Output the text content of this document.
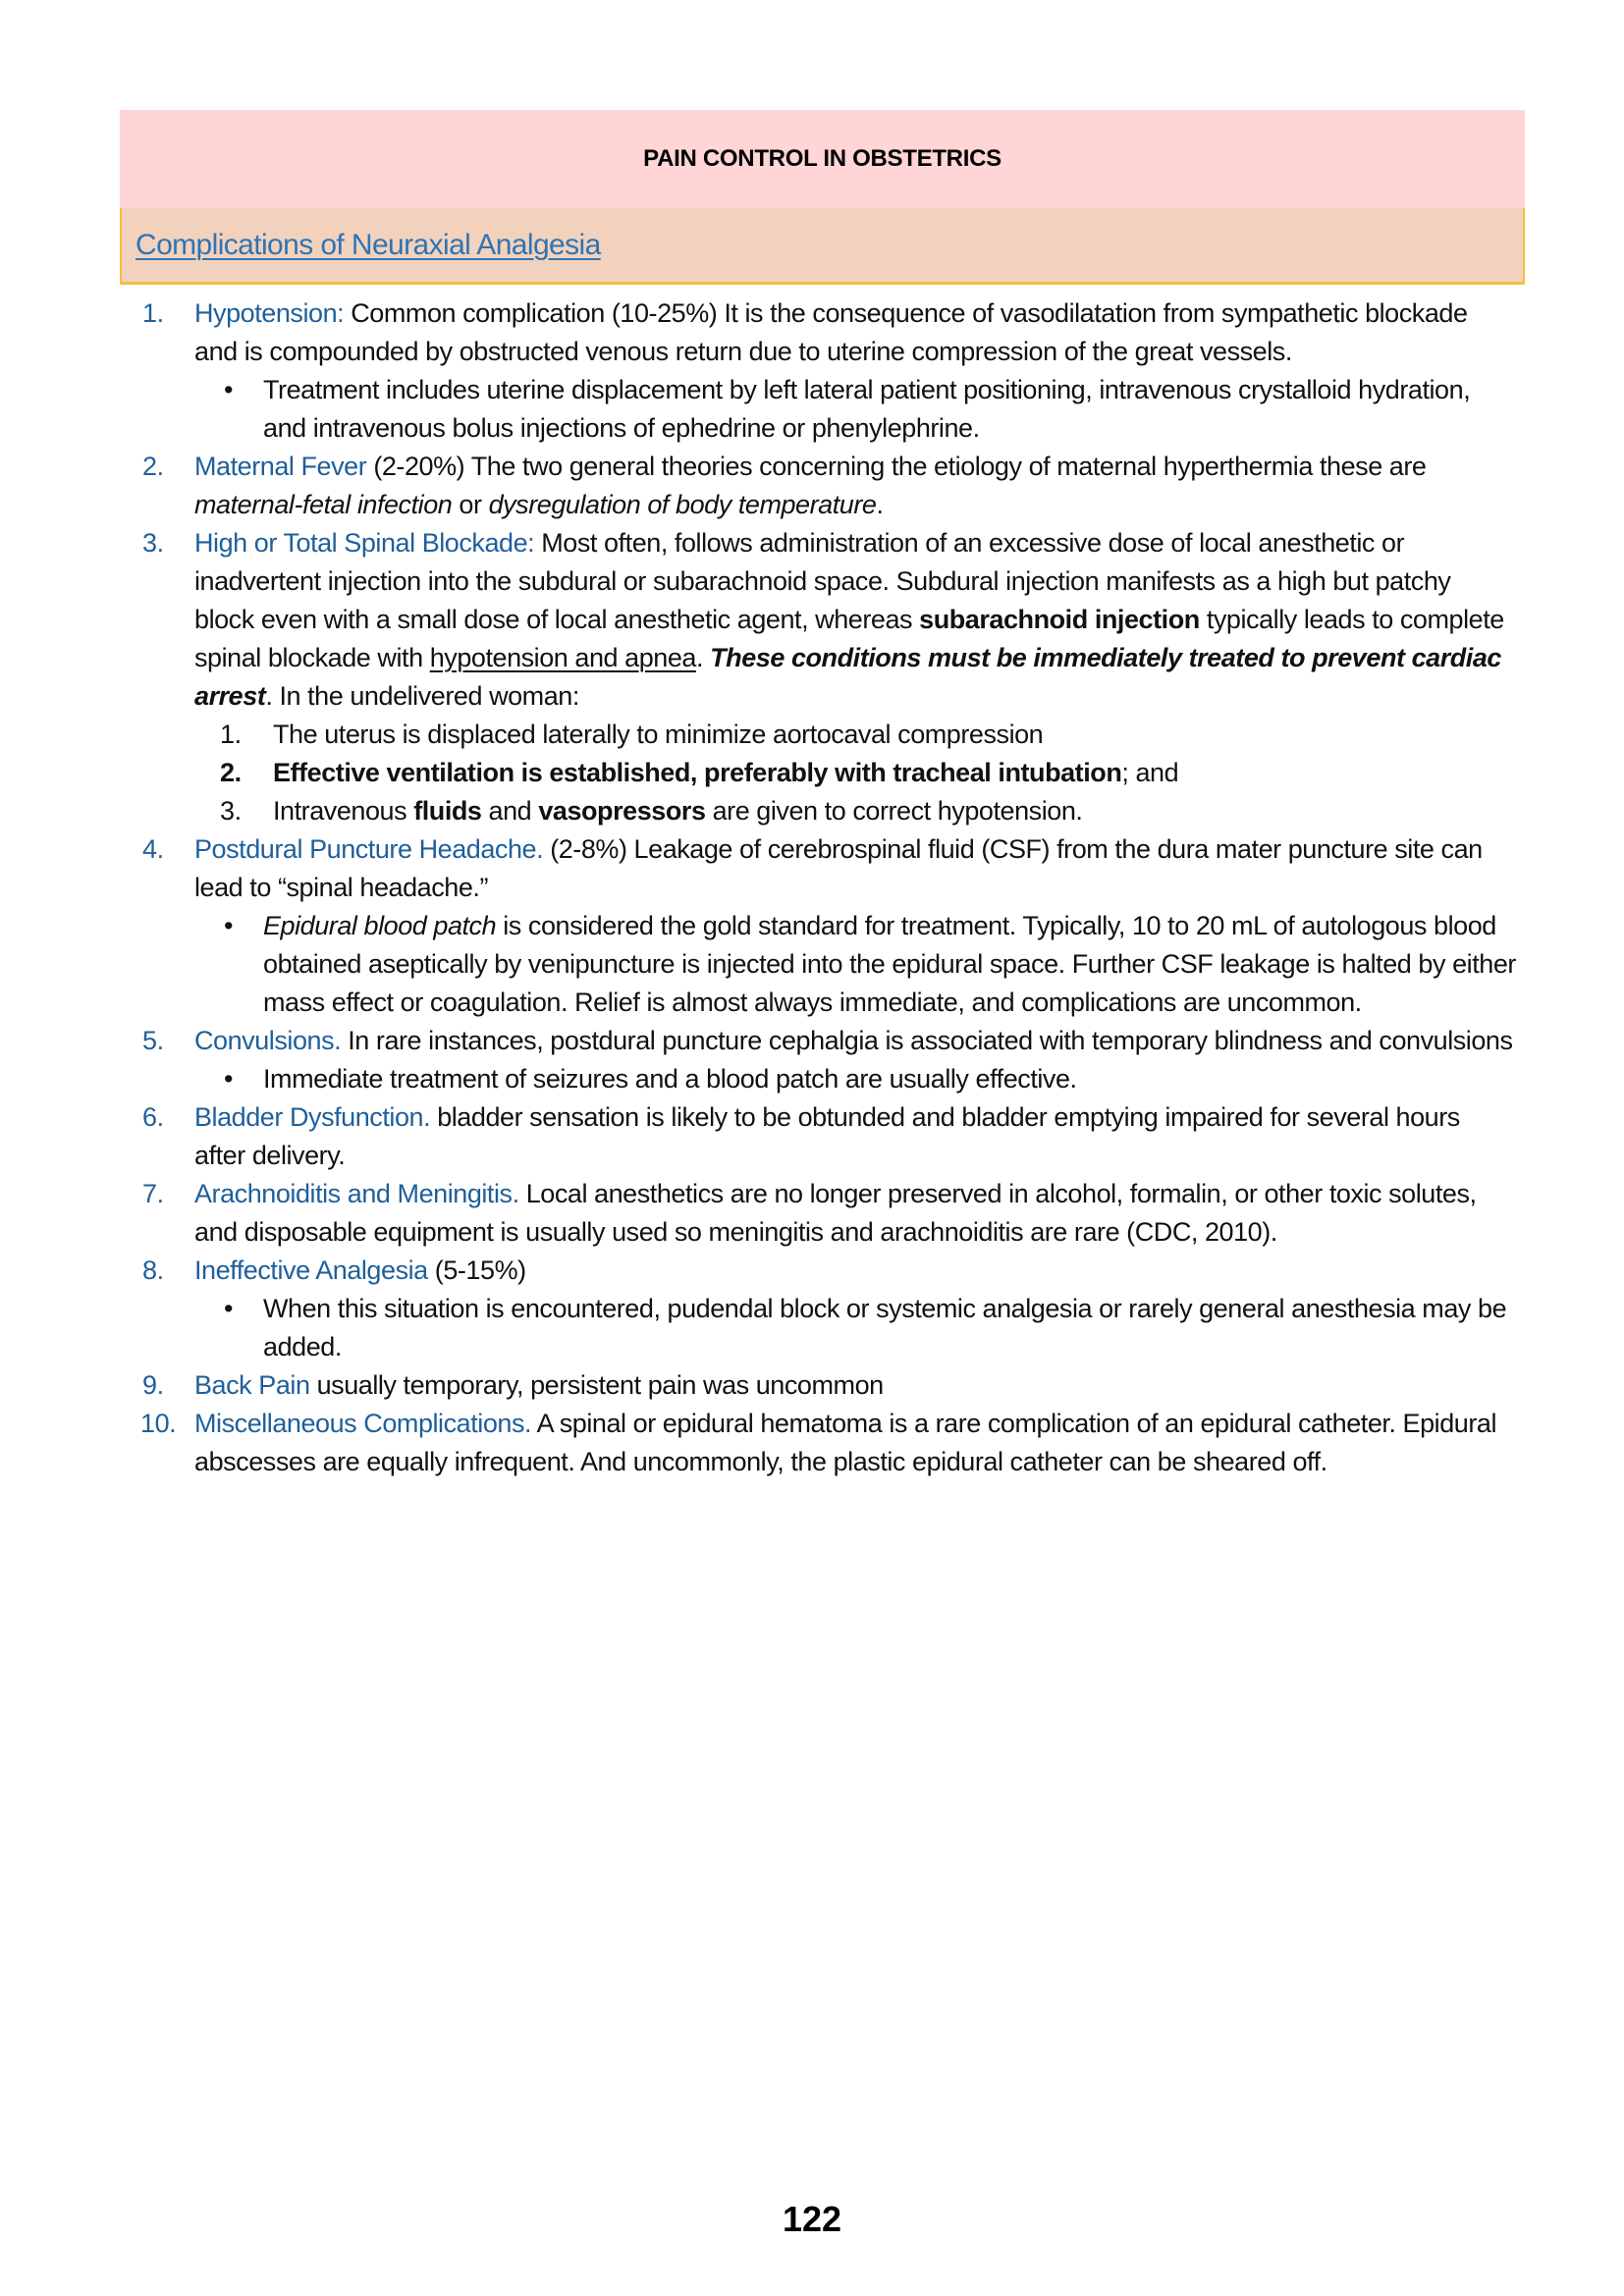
PAIN CONTROL IN OBSTETRICS
Complications of Neuraxial Analgesia
1. Hypotension: Common complication (10-25%) It is the consequence of vasodilatation from sympathetic blockade and is compounded by obstructed venous return due to uterine compression of the great vessels.
• Treatment includes uterine displacement by left lateral patient positioning, intravenous crystalloid hydration, and intravenous bolus injections of ephedrine or phenylephrine.
2. Maternal Fever (2-20%) The two general theories concerning the etiology of maternal hyperthermia these are maternal-fetal infection or dysregulation of body temperature.
3. High or Total Spinal Blockade: Most often, follows administration of an excessive dose of local anesthetic or inadvertent injection into the subdural or subarachnoid space. Subdural injection manifests as a high but patchy block even with a small dose of local anesthetic agent, whereas subarachnoid injection typically leads to complete spinal blockade with hypotension and apnea. These conditions must be immediately treated to prevent cardiac arrest. In the undelivered woman:
1. The uterus is displaced laterally to minimize aortocaval compression
2. Effective ventilation is established, preferably with tracheal intubation; and
3. Intravenous fluids and vasopressors are given to correct hypotension.
4. Postdural Puncture Headache. (2-8%) Leakage of cerebrospinal fluid (CSF) from the dura mater puncture site can lead to “spinal headache.”
• Epidural blood patch is considered the gold standard for treatment. Typically, 10 to 20 mL of autologous blood obtained aseptically by venipuncture is injected into the epidural space. Further CSF leakage is halted by either mass effect or coagulation. Relief is almost always immediate, and complications are uncommon.
5. Convulsions. In rare instances, postdural puncture cephalgia is associated with temporary blindness and convulsions
• Immediate treatment of seizures and a blood patch are usually effective.
6. Bladder Dysfunction. bladder sensation is likely to be obtunded and bladder emptying impaired for several hours after delivery.
7. Arachnoiditis and Meningitis. Local anesthetics are no longer preserved in alcohol, formalin, or other toxic solutes, and disposable equipment is usually used so meningitis and arachnoiditis are rare (CDC, 2010).
8. Ineffective Analgesia (5-15%)
• When this situation is encountered, pudendal block or systemic analgesia or rarely general anesthesia may be added.
9. Back Pain usually temporary, persistent pain was uncommon
10. Miscellaneous Complications. A spinal or epidural hematoma is a rare complication of an epidural catheter. Epidural abscesses are equally infrequent. And uncommonly, the plastic epidural catheter can be sheared off.
122
